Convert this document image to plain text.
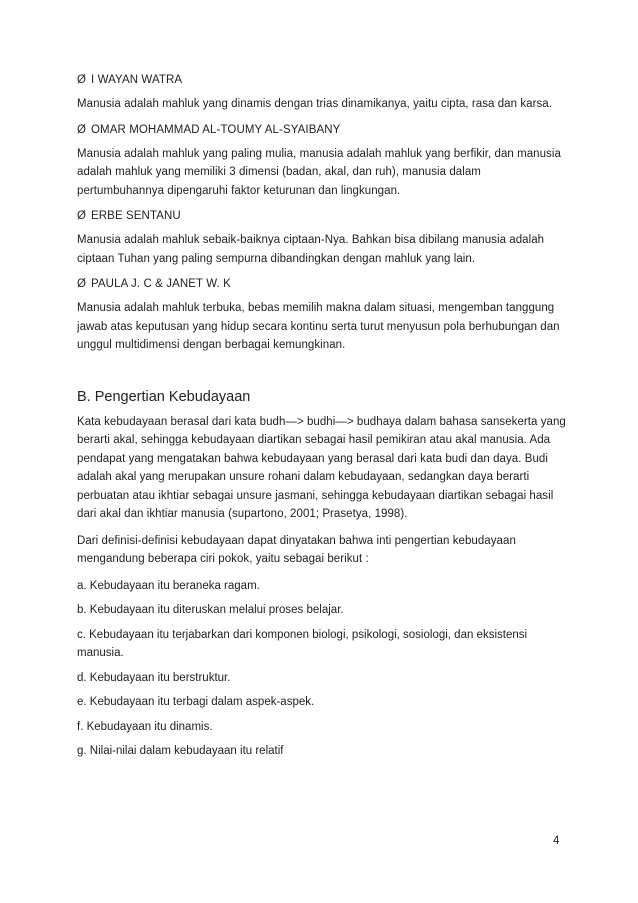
Ø I WAYAN WATRA

Manusia adalah mahluk yang dinamis dengan trias dinamikanya, yaitu cipta, rasa dan karsa.

Ø OMAR MOHAMMAD AL-TOUMY AL-SYAIBANY

Manusia adalah mahluk yang paling mulia, manusia adalah mahluk yang berfikir, dan manusia adalah mahluk yang memiliki 3 dimensi (badan, akal, dan ruh), manusia dalam pertumbuhannya dipengaruhi faktor keturunan dan lingkungan.

Ø ERBE SENTANU

Manusia adalah mahluk sebaik-baiknya ciptaan-Nya. Bahkan bisa dibilang manusia adalah ciptaan Tuhan yang paling sempurna dibandingkan dengan mahluk yang lain.

Ø PAULA J. C & JANET W. K

Manusia adalah mahluk terbuka, bebas memilih makna dalam situasi, mengemban tanggung jawab atas keputusan yang hidup secara kontinu serta turut menyusun pola berhubungan dan unggul multidimensi dengan berbagai kemungkinan.

B. Pengertian Kebudayaan

Kata kebudayaan berasal dari kata budh—> budhi—> budhaya dalam bahasa sansekerta yang berarti akal, sehingga kebudayaan diartikan sebagai hasil pemikiran atau akal manusia. Ada pendapat yang mengatakan bahwa kebudayaan yang berasal dari kata budi dan daya. Budi adalah akal yang merupakan unsure rohani dalam kebudayaan, sedangkan daya berarti perbuatan atau ikhtiar sebagai unsure jasmani, sehingga kebudayaan diartikan sebagai hasil dari akal dan ikhtiar manusia (supartono, 2001; Prasetya, 1998).

Dari definisi-definisi kebudayaan dapat dinyatakan bahwa inti pengertian kebudayaan mengandung beberapa ciri pokok, yaitu sebagai berikut :

a. Kebudayaan itu beraneka ragam.

b. Kebudayaan itu diteruskan melalui proses belajar.

c. Kebudayaan itu terjabarkan dari komponen biologi, psikologi, sosiologi, dan eksistensi manusia.

d. Kebudayaan itu berstruktur.

e. Kebudayaan itu terbagi dalam aspek-aspek.

f. Kebudayaan itu dinamis.

g. Nilai-nilai dalam kebudayaan itu relatif

4
